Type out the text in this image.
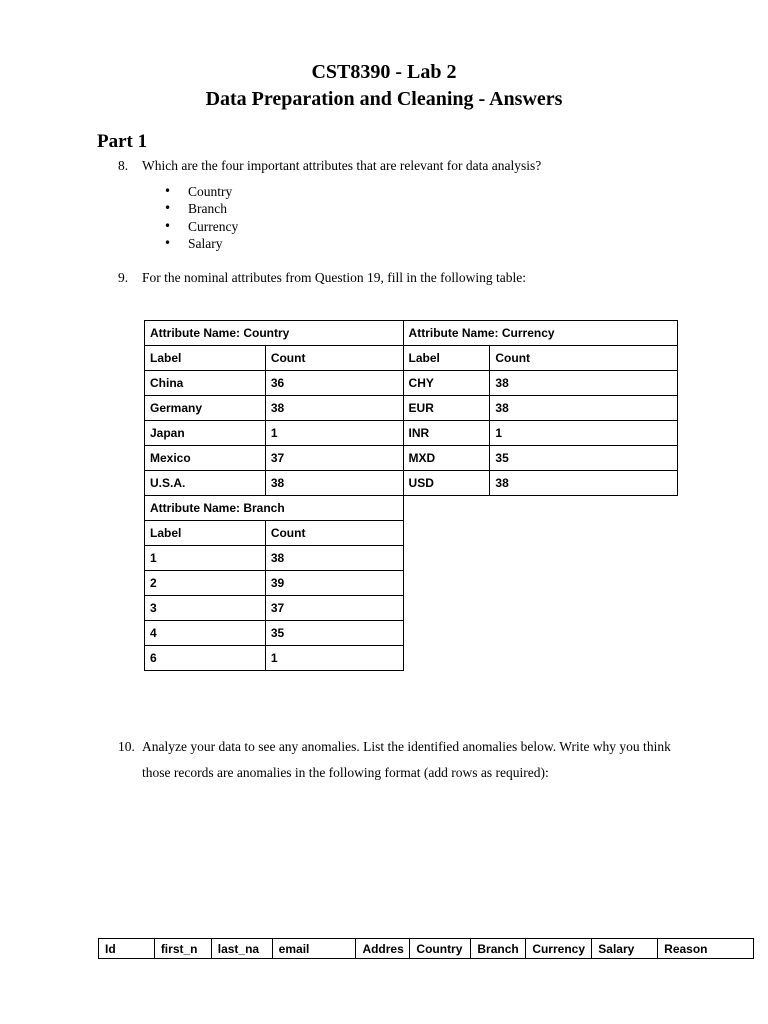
CST8390 - Lab 2
Data Preparation and Cleaning - Answers
Part 1
8. Which are the four important attributes that are relevant for data analysis?
• Country
• Branch
• Currency
• Salary
9. For the nominal attributes from Question 19, fill in the following table:
Attribute Name: Country		Attribute Name: Currency	
Label	Count	Label	Count
China	36	CHY	38
Germany	38	EUR	38
Japan	1	INR	1
Mexico	37	MXD	35
U.S.A.	38	USD	38
Attribute Name: Branch			
Label	Count		
1	38		
2	39		
3	37		
4	35		
6	1		
10. Analyze your data to see any anomalies. List the identified anomalies below. Write why you think those records are anomalies in the following format (add rows as required):
Id	first_n	last_na	email	Addres	Country	Branch	Currency	Salary	Reason
